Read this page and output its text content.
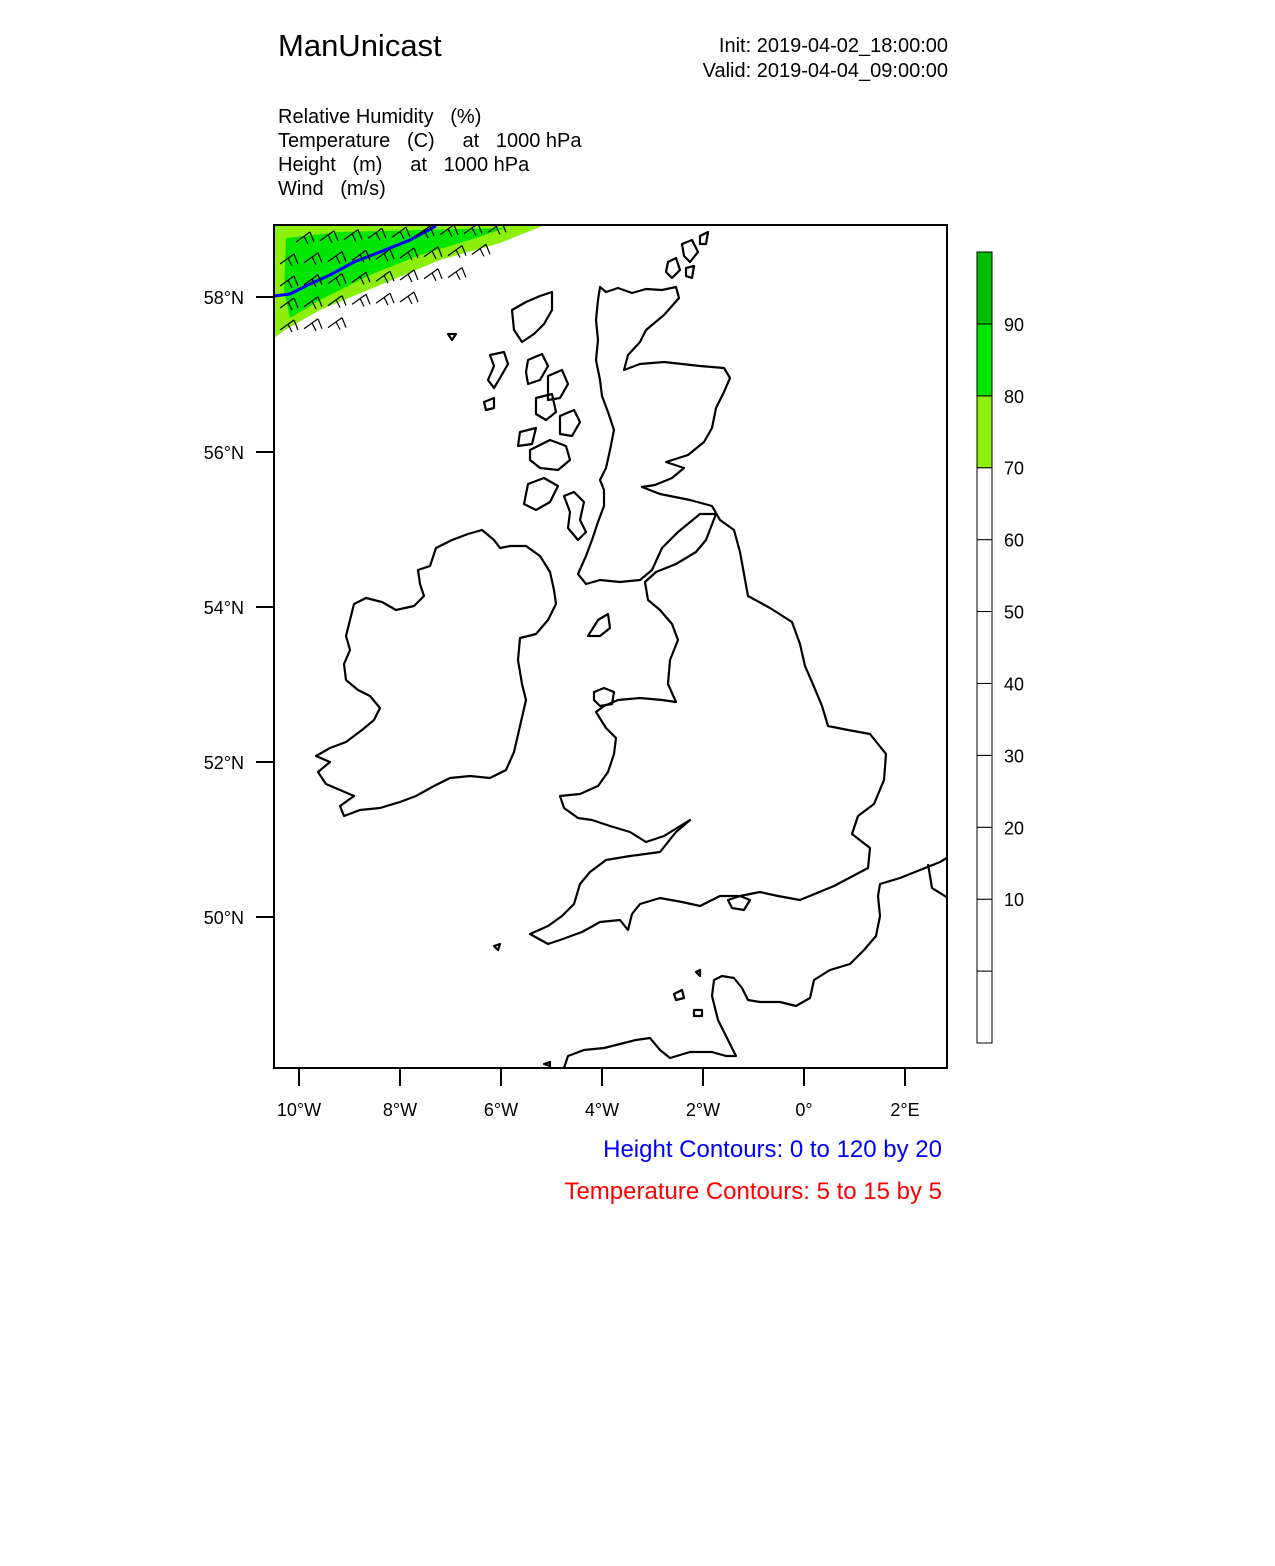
ManUnicast	Init: 2019-04-02_18:00:00
Valid: 2019-04-04_09:00:00
Relative Humidity   (%)
Temperature   (C)     at   1000 hPa
Height   (m)     at   1000 hPa
Wind   (m/s)
58°N
56°N
54°N
52°N
50°N
10°W	8°W	6°W	4°W	2°W	0°	2°E
10
20
30
40
50
60
70
80
90
Height Contours: 0 to 120 by 20
Temperature Contours: 5 to 15 by 5
